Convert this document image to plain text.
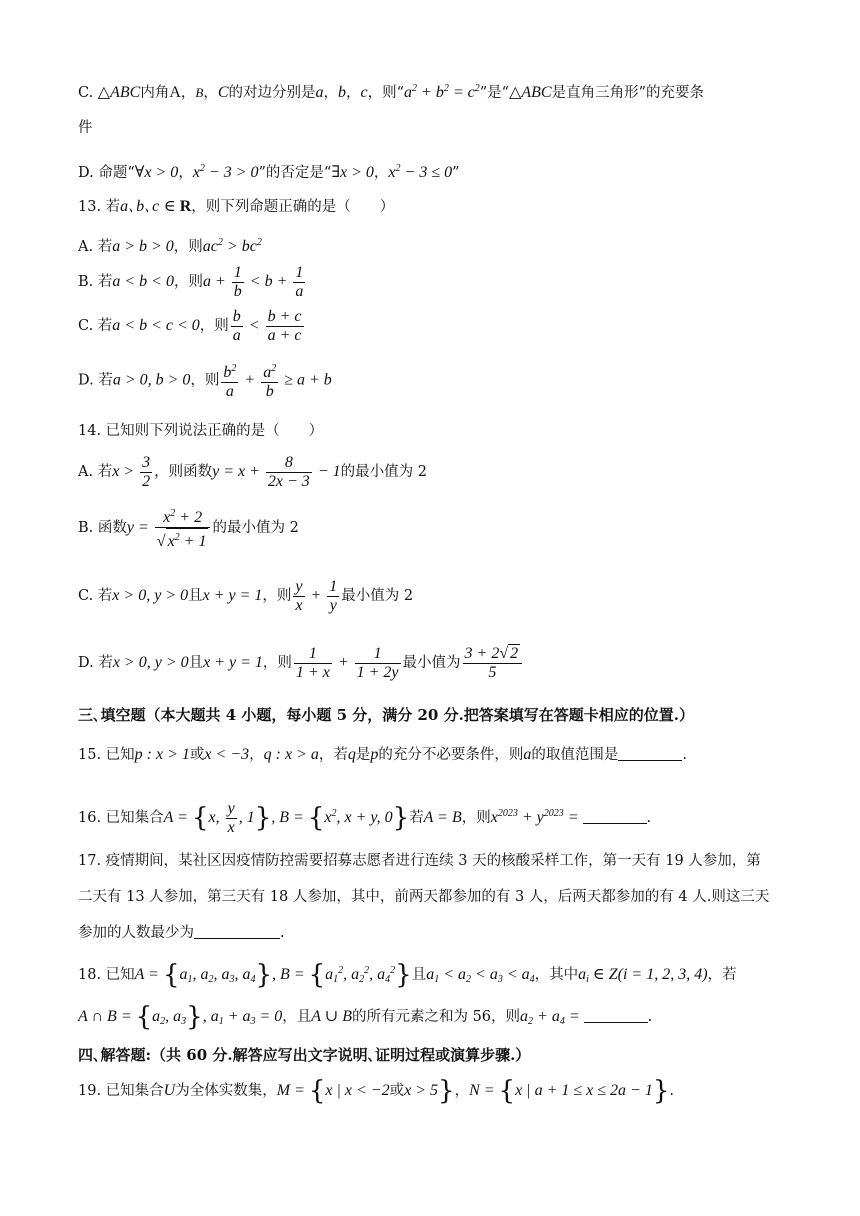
C. △ABC内角A，B，C的对边分别是a，b，c，则“$a^2 + b^2 = c^2$”是“△ABC是直角三角形”的充要条
件
D. 命题“∀x > 0，$x^2 - 3 > 0$”的否定是“∃x > 0，$x^2 - 3 \le 0$”
13. 若a､b､c ∈ R，则下列命题正确的是（　　）
A. 若a > b > 0，则$ac^2 > bc^2$
B. 若a < b < 0，则$a + \frac{1}{b} < b + \frac{1}{a}$
C. 若a < b < c < 0，则 $\frac{b}{a} < \frac{b + c}{a + c}$
D. 若a > 0, b > 0，则 $\frac{b^2}{a} + \frac{a^2}{b} \ge a + b$
14. 已知则下列说法正确的是（　　）
A. 若$x > \frac{3}{2}$ ，则函数$y = x + \frac{8}{2x - 3} - 1$的最小值为 2
B. 函数$y = \frac{x^2 + 2}{√ x^2 + 1}$ 的最小值为 2
C. 若x > 0, y > 0且x + y = 1，则 $\frac{y}{x} + \frac{1}{y}$ 最小值为 2
D. 若x > 0, y > 0且x + y = 1，则 $\frac{1}{1 + x} + \frac{1}{1 + 2y}$ 最小值为 $\frac{3 + 2√ 2}{5}$
三､填空题（本大题共 4 小题，每小题 5 分，满分 20 分.把答案填写在答题卡相应的位置.）
15. 已知p : x > 1或x < −3，q : x > a，若q是p的充分不必要条件，则a的取值范围是	.
16. 已知集合A = {x, $\frac{y}{x}$ , 1}, $B = \{x^2$, x + y, 0}若A = B，则$x^{2023} + y^{2023}$ =	.
17. 疫情期间，某社区因疫情防控需要招募志愿者进行连续 3 天的核酸采样工作，第一天有 19 人参加，第
二天有 13 人参加，第三天有 18 人参加，其中，前两天都参加的有 3 人，后两天都参加的有 4 人.则这三天
参加的人数最少为	.
18. 已知$A = \{a_1$, $a_2$, $a_3$, $a_4$}, $B = \{a_1^2$, $a_2^2$, $a_4^2$}且$a_1 < a_2 < a_3 < a_4$，其中$a_i$ ∈ Z(i = 1, 2, 3, 4)，若
A ∩ $B = \{a_2$, $a_3$}, $a_1 + a_3 = 0$，且A ∪ B的所有元素之和为 56，则$a_2 + a_4$ =	.
四､解答题:（共 60 分.解答应写出文字说明､证明过程或演算步骤.）
19. 已知集合U为全体实数集，M = {x | x < −2或x > 5}，N = {x | a + 1 ≤ x ≤ 2a − 1}.
